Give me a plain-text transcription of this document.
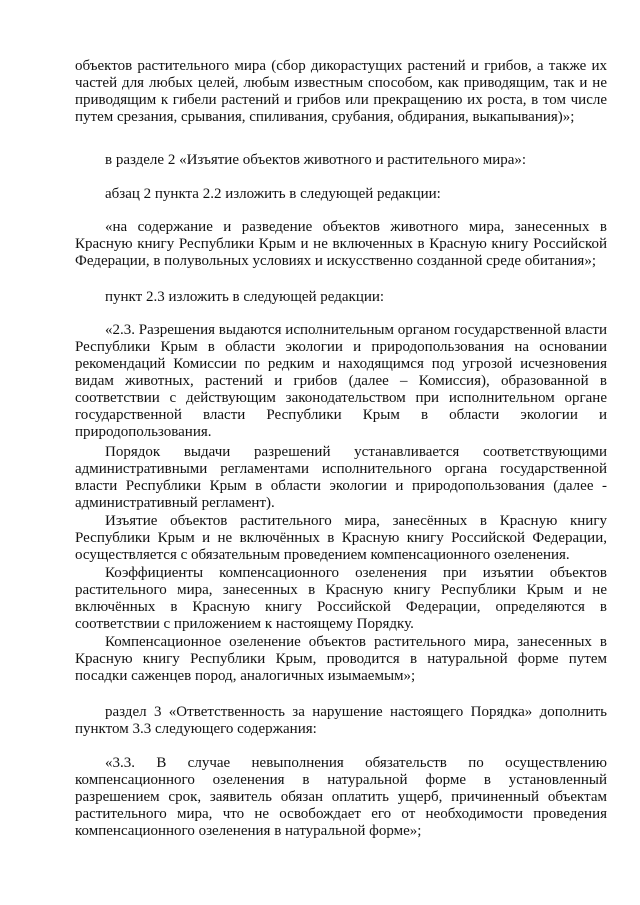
объектов растительного мира (сбор дикорастущих растений и грибов, а также их частей для любых целей, любым известным способом, как приводящим, так и не приводящим к гибели растений и грибов или прекращению их роста, в том числе путем срезания, срывания, спиливания, срубания, обдирания, выкапывания)»;

в разделе 2 «Изъятие объектов животного и растительного мира»:

абзац 2 пункта 2.2 изложить в следующей редакции:

«на содержание и разведение объектов животного мира, занесенных в Красную книгу Республики Крым и не включенных в Красную книгу Российской Федерации, в полувольных условиях и искусственно созданной среде обитания»;

пункт 2.3 изложить в следующей редакции:

«2.3. Разрешения выдаются исполнительным органом государственной власти Республики Крым в области экологии и природопользования на основании рекомендаций Комиссии по редким и находящимся под угрозой исчезновения видам животных, растений и грибов (далее – Комиссия), образованной в соответствии с действующим законодательством при исполнительном органе государственной власти Республики Крым в области экологии и природопользования.

Порядок выдачи разрешений устанавливается соответствующими административными регламентами исполнительного органа государственной власти Республики Крым в области экологии и природопользования (далее - административный регламент).

Изъятие объектов растительного мира, занесённых в Красную книгу Республики Крым и не включённых в Красную книгу Российской Федерации, осуществляется с обязательным проведением компенсационного озеленения.

Коэффициенты компенсационного озеленения при изъятии объектов растительного мира, занесенных в Красную книгу Республики Крым и не включённых в Красную книгу Российской Федерации, определяются в соответствии с приложением к настоящему Порядку.

Компенсационное озеленение объектов растительного мира, занесенных в Красную книгу Республики Крым, проводится в натуральной форме путем посадки саженцев пород, аналогичных изымаемым»;

раздел 3 «Ответственность за нарушение настоящего Порядка» дополнить пунктом 3.3 следующего содержания:

«3.3. В случае невыполнения обязательств по осуществлению компенсационного озеленения в натуральной форме в установленный разрешением срок, заявитель обязан оплатить ущерб, причиненный объектам растительного мира, что не освобождает его от необходимости проведения компенсационного озеленения в натуральной форме»;
